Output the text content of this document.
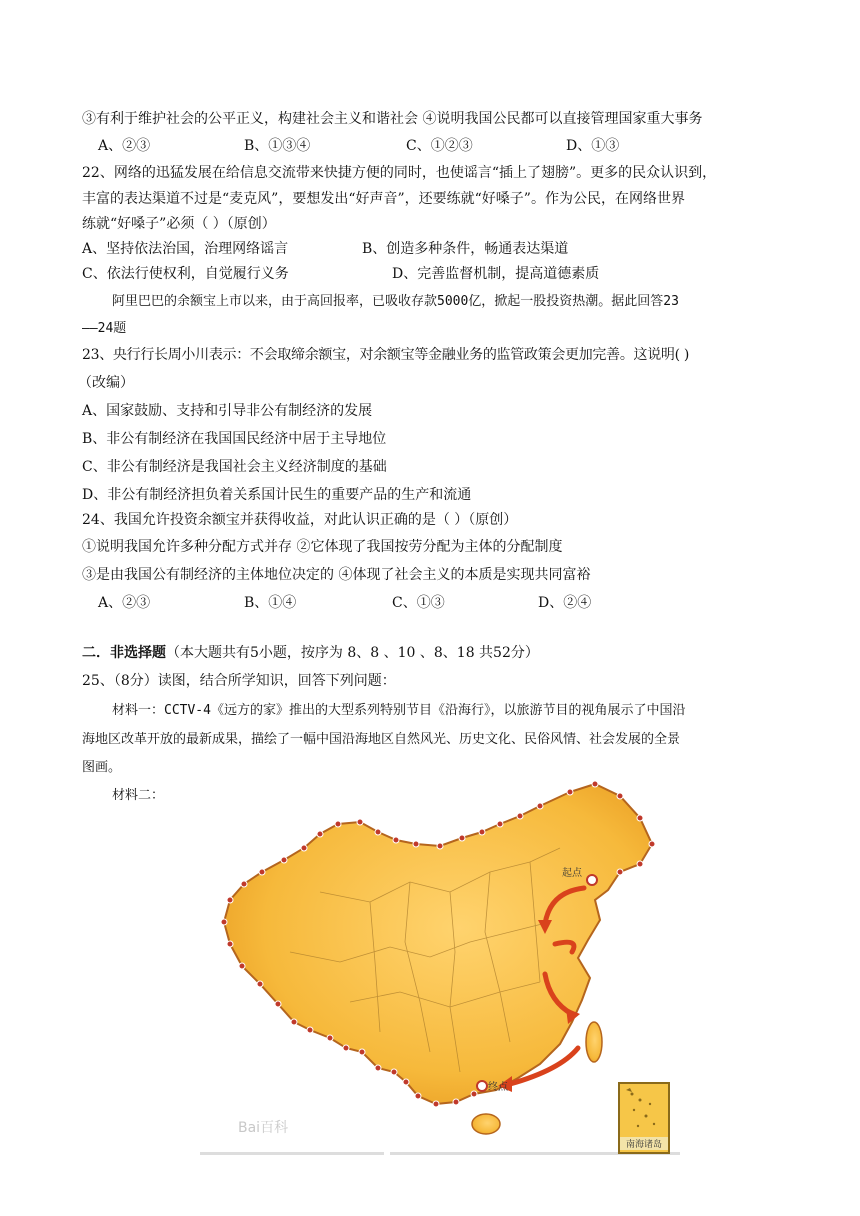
③有利于维护社会的公平正义，构建社会主义和谐社会 ④说明我国公民都可以直接管理国家重大事务
A、②③	B、①③④	C、①②③	D、①③
22、网络的迅猛发展在给信息交流带来快捷方便的同时，也使谣言“插上了翅膀”。更多的民众认识到，
丰富的表达渠道不过是“麦克风”，要想发出“好声音”，还要练就“好嗓子”。作为公民，在网络世界
练就“好嗓子”必须（ ）（原创）
A、坚持依法治国，治理网络谣言	B、创造多种条件，畅通表达渠道
C、依法行使权利，自觉履行义务	D、完善监督机制，提高道德素质
阿里巴巴的余额宝上市以来，由于高回报率，已吸收存款5000亿，掀起一股投资热潮。据此回答23
——24题
23、央行行长周小川表示：不会取缔余额宝，对余额宝等金融业务的监管政策会更加完善。这说明( )
（改编）
A、国家鼓励、支持和引导非公有制经济的发展
B、非公有制经济在我国国民经济中居于主导地位
C、非公有制经济是我国社会主义经济制度的基础
D、非公有制经济担负着关系国计民生的重要产品的生产和流通
24、我国允许投资余额宝并获得收益，对此认识正确的是（ ）（原创）
①说明我国允许多种分配方式并存 ②它体现了我国按劳分配为主体的分配制度
③是由我国公有制经济的主体地位决定的 ④体现了社会主义的本质是实现共同富裕
A、②③	B、①④	C、①③	D、②④
二．非选择题（本大题共有5小题，按序为 8、8 、10 、8、18 共52分）
25、（8分）读图，结合所学知识，回答下列问题：
材料一：CCTV-4《远方的家》推出的大型系列特别节目《沿海行》，以旅游节目的视角展示了中国沿
海地区改革开放的最新成果，描绘了一幅中国沿海地区自然风光、历史文化、民俗风情、社会发展的全景
图画。
材料二：
起点
终点
Bai百科
南海诸岛
